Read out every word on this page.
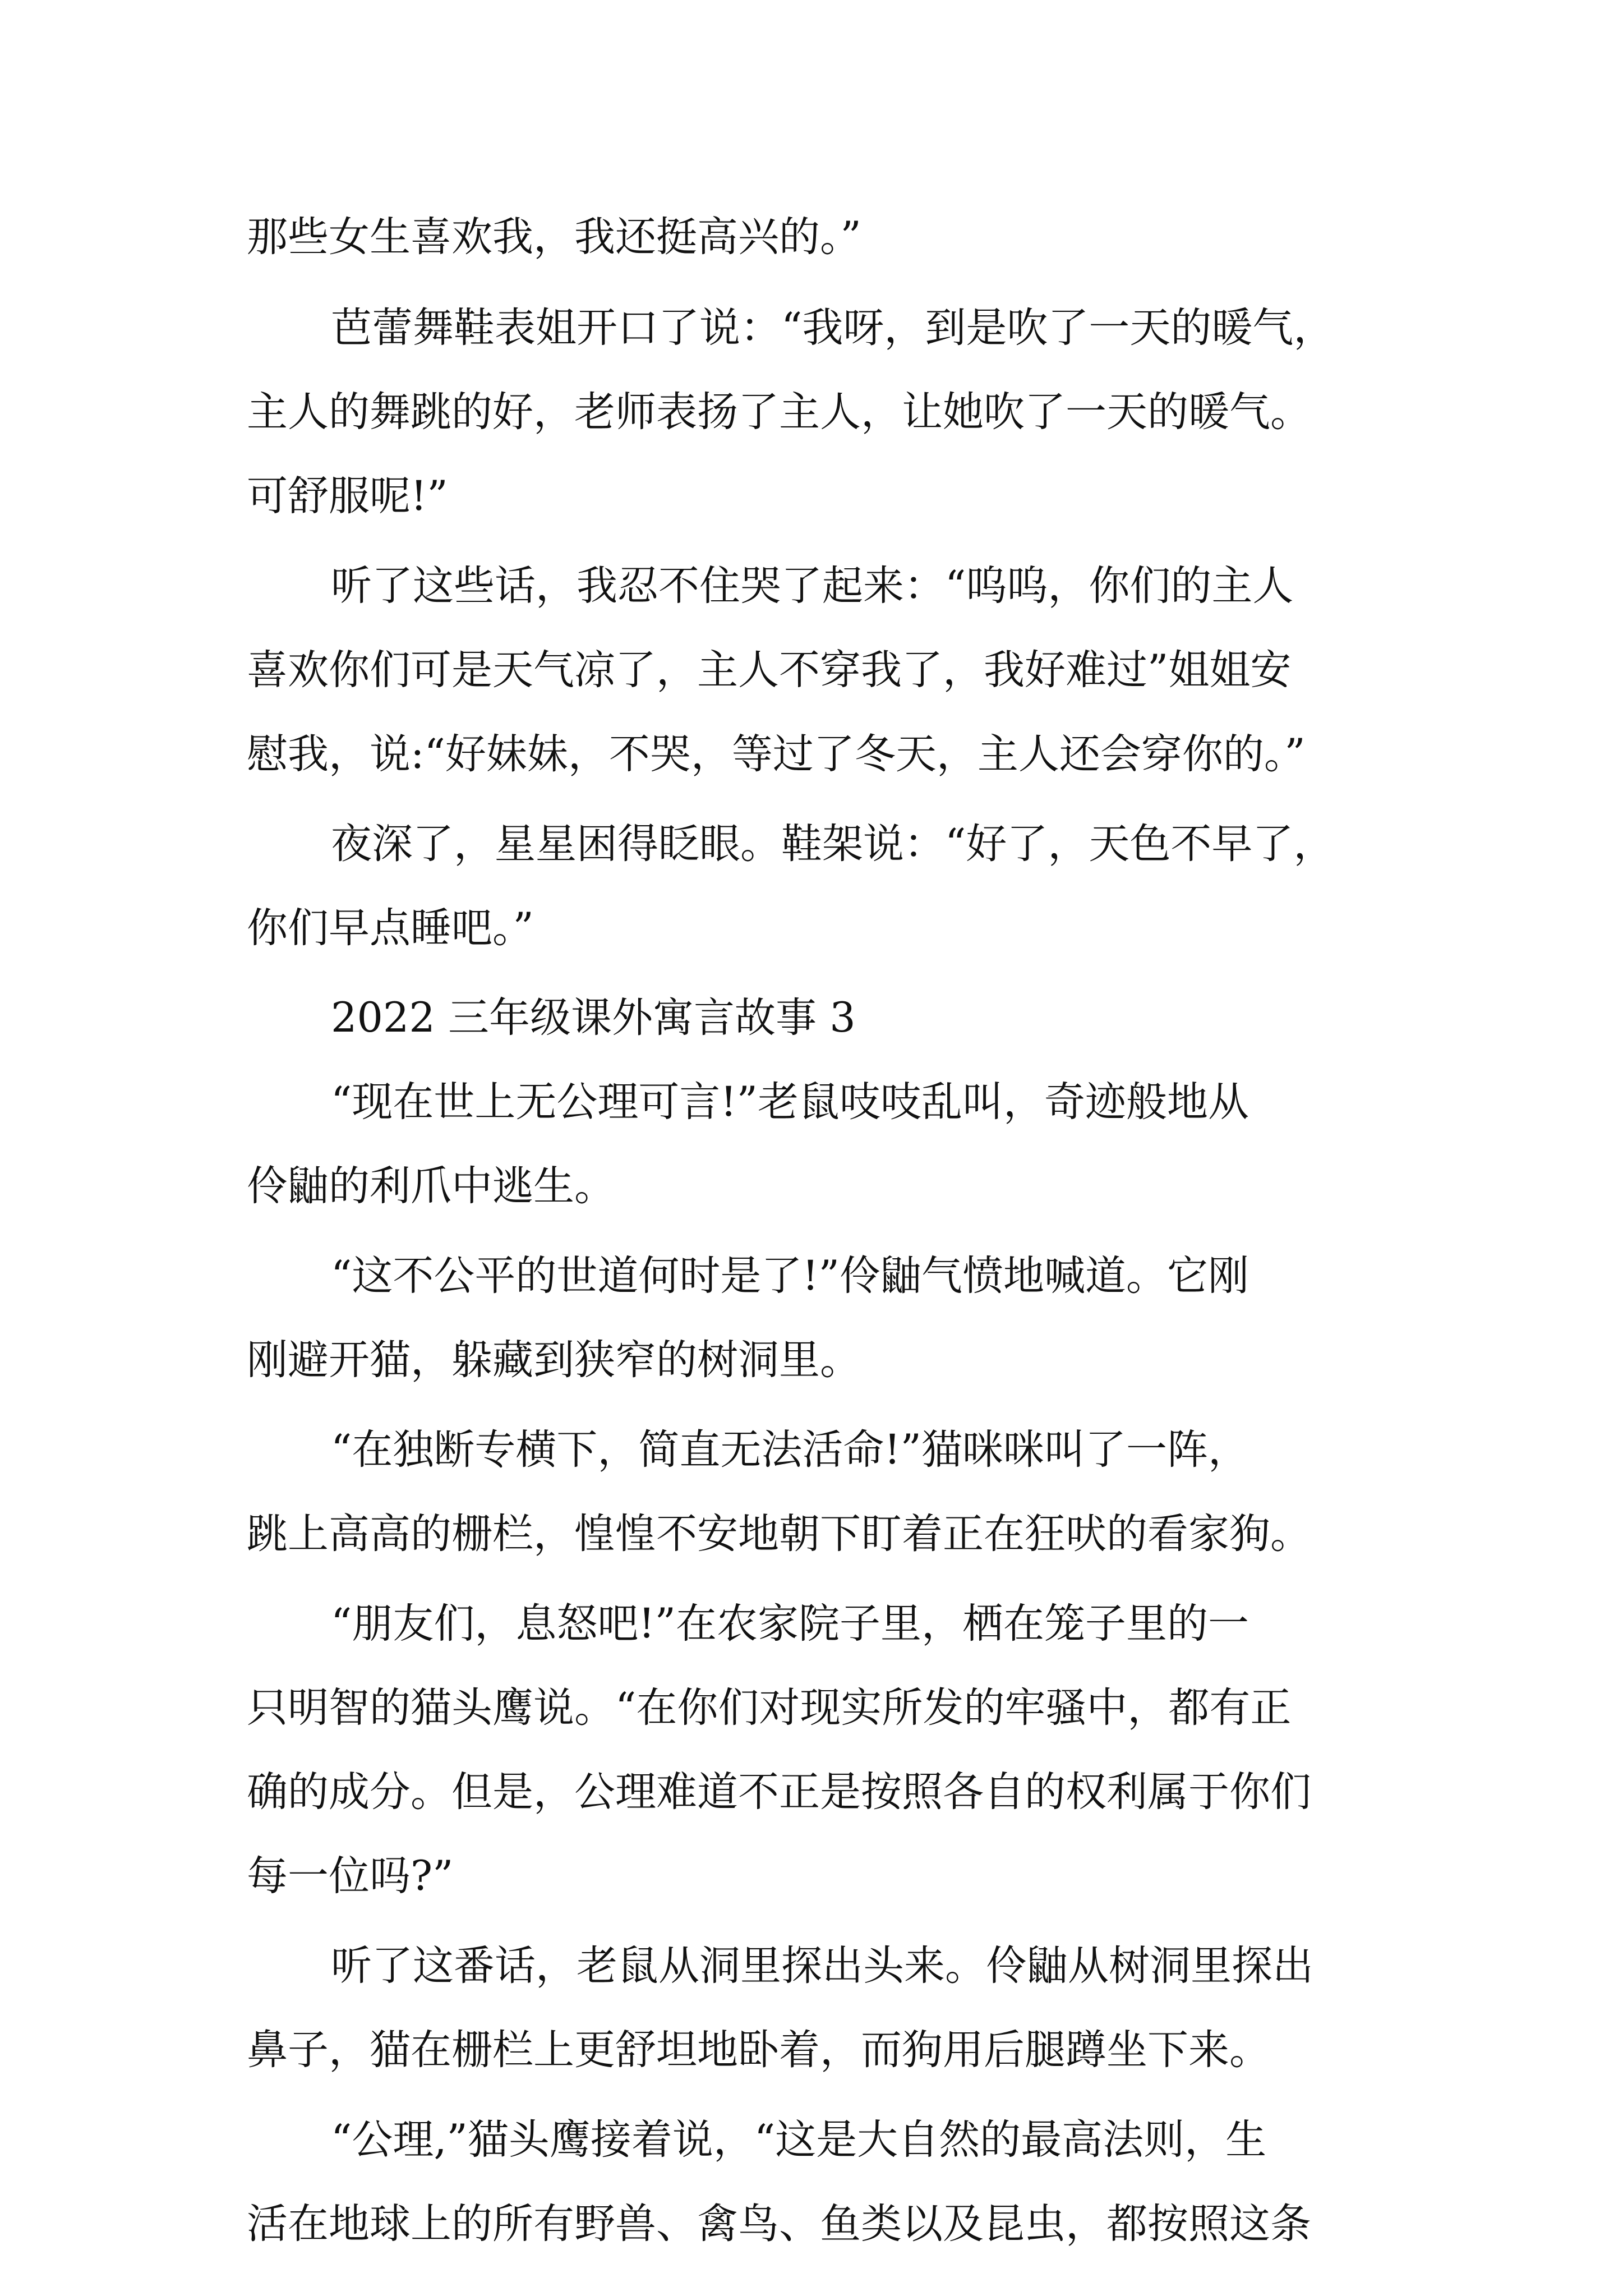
那些女生喜欢我，我还挺高兴的。”
芭蕾舞鞋表姐开口了说：“我呀，到是吹了一天的暖气，
主人的舞跳的好，老师表扬了主人，让她吹了一天的暖气。
可舒服呢!”
听了这些话，我忍不住哭了起来：“呜呜，你们的主人
喜欢你们可是天气凉了，主人不穿我了，我好难过”姐姐安
慰我，说:“好妹妹，不哭，等过了冬天，主人还会穿你的。”
夜深了，星星困得眨眼。鞋架说：“好了，天色不早了，
你们早点睡吧。”
2022 三年级课外寓言故事 3
“现在世上无公理可言!”老鼠吱吱乱叫，奇迹般地从
伶鼬的利爪中逃生。
“这不公平的世道何时是了!”伶鼬气愤地喊道。它刚
刚避开猫，躲藏到狭窄的树洞里。
“在独断专横下，简直无法活命!”猫咪咪叫了一阵，
跳上高高的栅栏，惶惶不安地朝下盯着正在狂吠的看家狗。
“朋友们，息怒吧!”在农家院子里，栖在笼子里的一
只明智的猫头鹰说。“在你们对现实所发的牢骚中，都有正
确的成分。但是，公理难道不正是按照各自的权利属于你们
每一位吗?”
听了这番话，老鼠从洞里探出头来。伶鼬从树洞里探出
鼻子，猫在栅栏上更舒坦地卧着，而狗用后腿蹲坐下来。
“公理,”猫头鹰接着说，“这是大自然的最高法则，生
活在地球上的所有野兽、禽鸟、鱼类以及昆虫，都按照这条
